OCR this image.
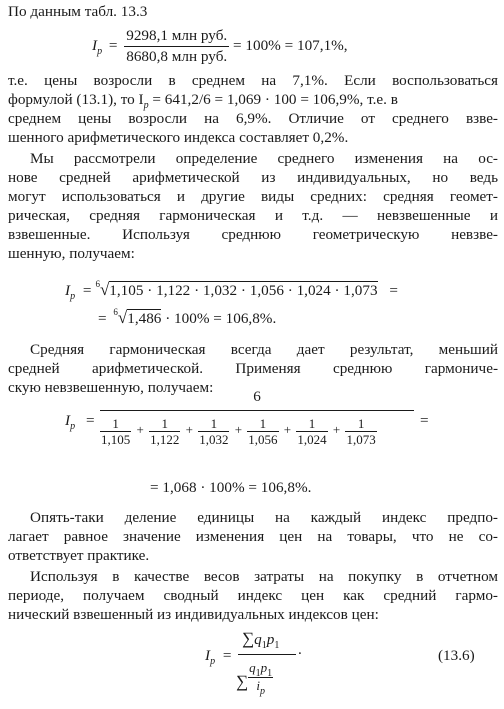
По данным табл. 13.3
$I_p = \frac{\text{9298,1 млн руб.}}{\text{8680,8 млн руб.}} = 100\% = 107,1\%$,
т.е. цены возросли в среднем на 7,1%. Если воспользоваться
формулой (13.1), то $I_p = 641,2/6 = 1,069 \cdot 100 = 106,9\%$, т.е. в
среднем цены возросли на 6,9%. Отличие от среднего взве-
шенного арифметического индекса составляет 0,2%.
Мы рассмотрели определение среднего изменения на ос-
нове средней арифметической из индивидуальных, но ведь
могут использоваться и другие виды средних: средняя геомет-
рическая, средняя гармоническая и т.д. — невзвешенные и
взвешенные. Используя среднюю геометрическую невзве-
шенную, получаем:
$I_p = ^6√1,105 \cdot 1,122 \cdot 1,032 \cdot 1,056 \cdot 1,024 \cdot 1,073$ =
= $^6$√1,486 · 100% = 106,8%.
Средняя гармоническая всегда дает результат, меньший
средней арифметической. Применяя среднюю гармониче-
скую невзвешенную, получаем:
$I_p$ =	=
6
$\frac{1}{1,105} + \frac{1}{1,122} + \frac{1}{1,032} + \frac{1}{1,056} + \frac{1}{1,024} + \frac{1}{1,073}$
= 1,068 · 100% = 106,8%.
Опять-таки деление единицы на каждый индекс предпо-
лагает равное значение изменения цен на товары, что не со-
ответствует практике.
Используя в качестве весов затраты на покупку в отчетном
периоде, получаем сводный индекс цен как средний гармо-
нический взвешенный из индивидуальных индексов цен:
$I_p$ =
$\sum q_1p_1$
∑ $\frac{q_1p_1}{i_p}$
.	(13.6)
